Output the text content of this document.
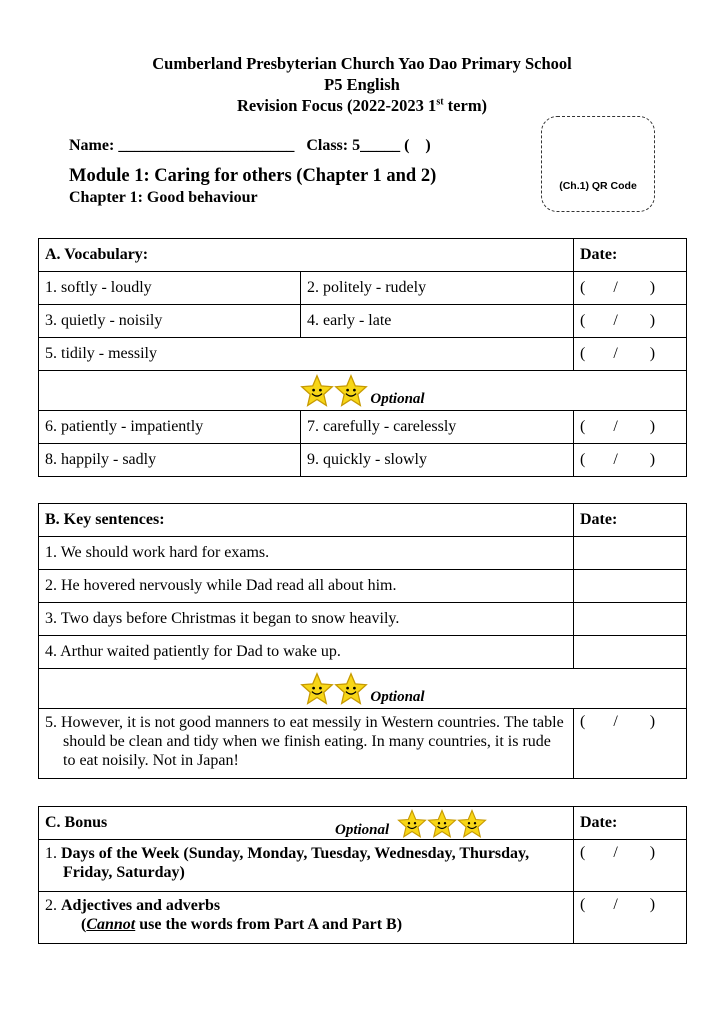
Cumberland Presbyterian Church Yao Dao Primary School
P5 English
Revision Focus (2022-2023 1st term)
Name: ______________________   Class: 5_____ (    )
Module 1: Caring for others (Chapter 1 and 2)
Chapter 1: Good behaviour
(Ch.1) QR Code
A. Vocabulary:		Date:
1. softly - loudly	2. politely - rudely	(       /        )
3. quietly - noisily	4. early - late	(       /        )
5. tidily - messily		(       /        )
Optional		
6. patiently - impatiently	7. carefully - carelessly	(       /        )
8. happily - sadly	9. quickly - slowly	(       /        )
B. Key sentences:	Date:
1. We should work hard for exams.	
2. He hovered nervously while Dad read all about him.	
3. Two days before Christmas it began to snow heavily.	
4. Arthur waited patiently for Dad to wake up.	
Optional	
5. However, it is not good manners to eat messily in Western countries. The table should be clean and tidy when we finish eating. In many countries, it is rude to eat noisily. Not in Japan!	(       /        )
C. Bonus Optional	Date:
1. Days of the Week (Sunday, Monday, Tuesday, Wednesday, Thursday, Friday, Saturday)	(       /        )
2. Adjectives and adverbs
(Cannot use the words from Part A and Part B)	(       /        )
